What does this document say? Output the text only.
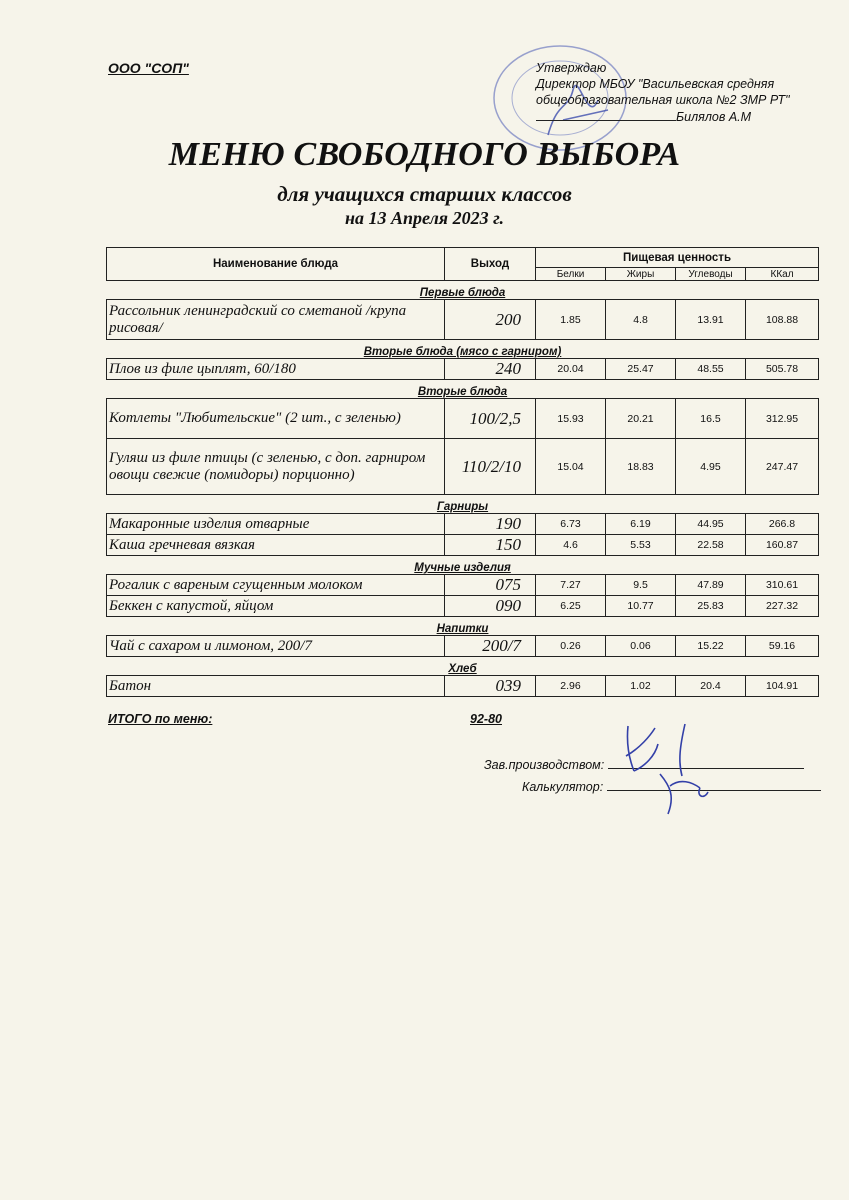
ООО "СОП"	Утверждаю
Директор МБОУ "Васильевская средняя
общеобразовательная школа №2 ЗМР РТ"
Билялов А.М
МЕНЮ СВОБОДНОГО ВЫБОРА
для учащихся старших классов
на 13 Апреля 2023 г.
Наименование блюда	Выход	Пищевая ценность			
		Белки	Жиры	Углеводы	ККал
Первые блюда					
Рассольник ленинградский со сметаной /крупа рисовая/	200	1.85	4.8	13.91	108.88
Вторые блюда (мясо с гарниром)					
Плов из филе цыплят, 60/180	240	20.04	25.47	48.55	505.78
Вторые блюда					
Котлеты "Любительские" (2 шт., с зеленью)	100/2,5	15.93	20.21	16.5	312.95
Гуляш из филе птицы (с зеленью, с доп. гарниром овощи свежие (помидоры) порционно)	110/2/10	15.04	18.83	4.95	247.47
Гарниры					
Макаронные изделия отварные	190	6.73	6.19	44.95	266.8
Каша гречневая вязкая	150	4.6	5.53	22.58	160.87
Мучные изделия					
Рогалик с вареным сгущенным молоком	075	7.27	9.5	47.89	310.61
Беккен с капустой, яйцом	090	6.25	10.77	25.83	227.32
Напитки					
Чай с сахаром и лимоном, 200/7	200/7	0.26	0.06	15.22	59.16
Хлеб					
Батон	039	2.96	1.02	20.4	104.91
ИТОГО по меню:	92-80
Зав.производством:
Калькулятор:
